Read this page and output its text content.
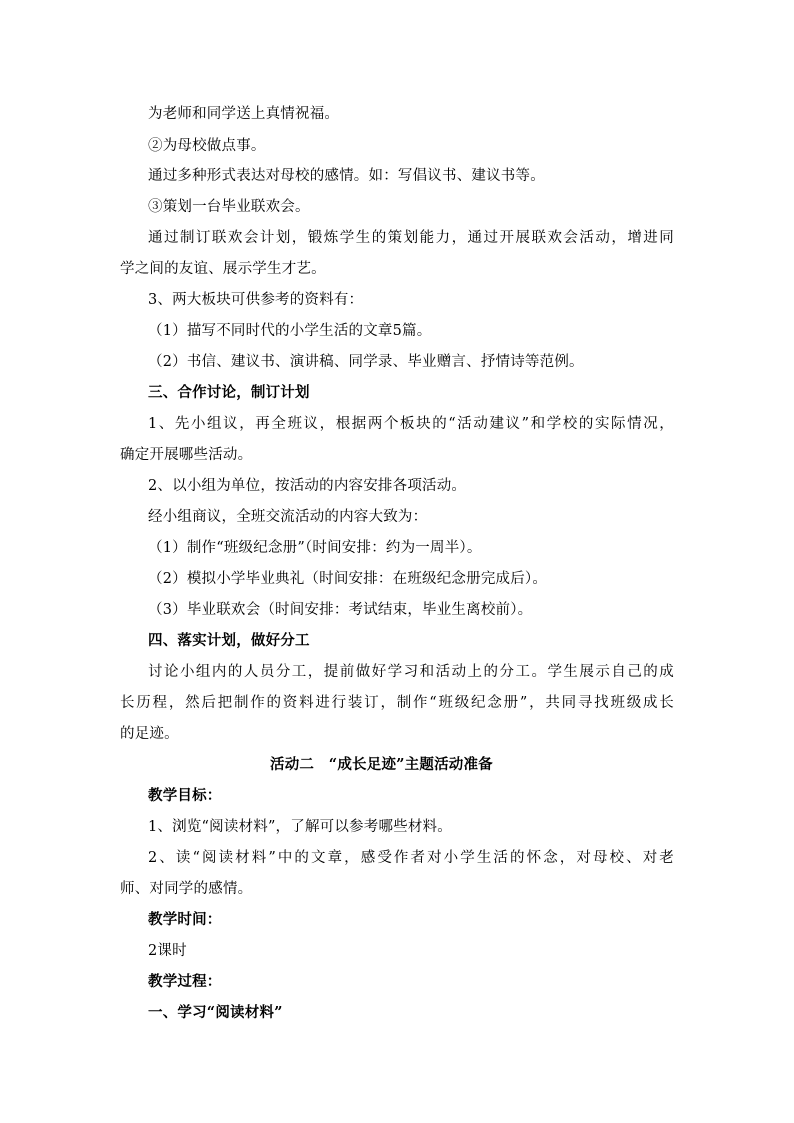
为老师和同学送上真情祝福。
②为母校做点事。
通过多种形式表达对母校的感情。如：写倡议书、建议书等。
③策划一台毕业联欢会。
通过制订联欢会计划，锻炼学生的策划能力，通过开展联欢会活动，增进同
学之间的友谊、展示学生才艺。
3、两大板块可供参考的资料有：
（1）描写不同时代的小学生活的文章5篇。
（2）书信、建议书、演讲稿、同学录、毕业赠言、抒情诗等范例。
三、合作讨论，制订计划
1、先小组议，再全班议，根据两个板块的“活动建议”和学校的实际情况，
确定开展哪些活动。
2、以小组为单位，按活动的内容安排各项活动。
经小组商议，全班交流活动的内容大致为：
（1）制作“班级纪念册”（时间安排：约为一周半）。
（2）模拟小学毕业典礼（时间安排：在班级纪念册完成后）。
（3）毕业联欢会（时间安排：考试结束，毕业生离校前）。
四、落实计划，做好分工
讨论小组内的人员分工，提前做好学习和活动上的分工。学生展示自己的成
长历程，然后把制作的资料进行装订，制作“班级纪念册”，共同寻找班级成长
的足迹。
活动二　“成长足迹”主题活动准备
教学目标：
1、浏览“阅读材料”，了解可以参考哪些材料。
2、读“阅读材料”中的文章，感受作者对小学生活的怀念，对母校、对老
师、对同学的感情。
教学时间：
2课时
教学过程：
一、学习“阅读材料”
